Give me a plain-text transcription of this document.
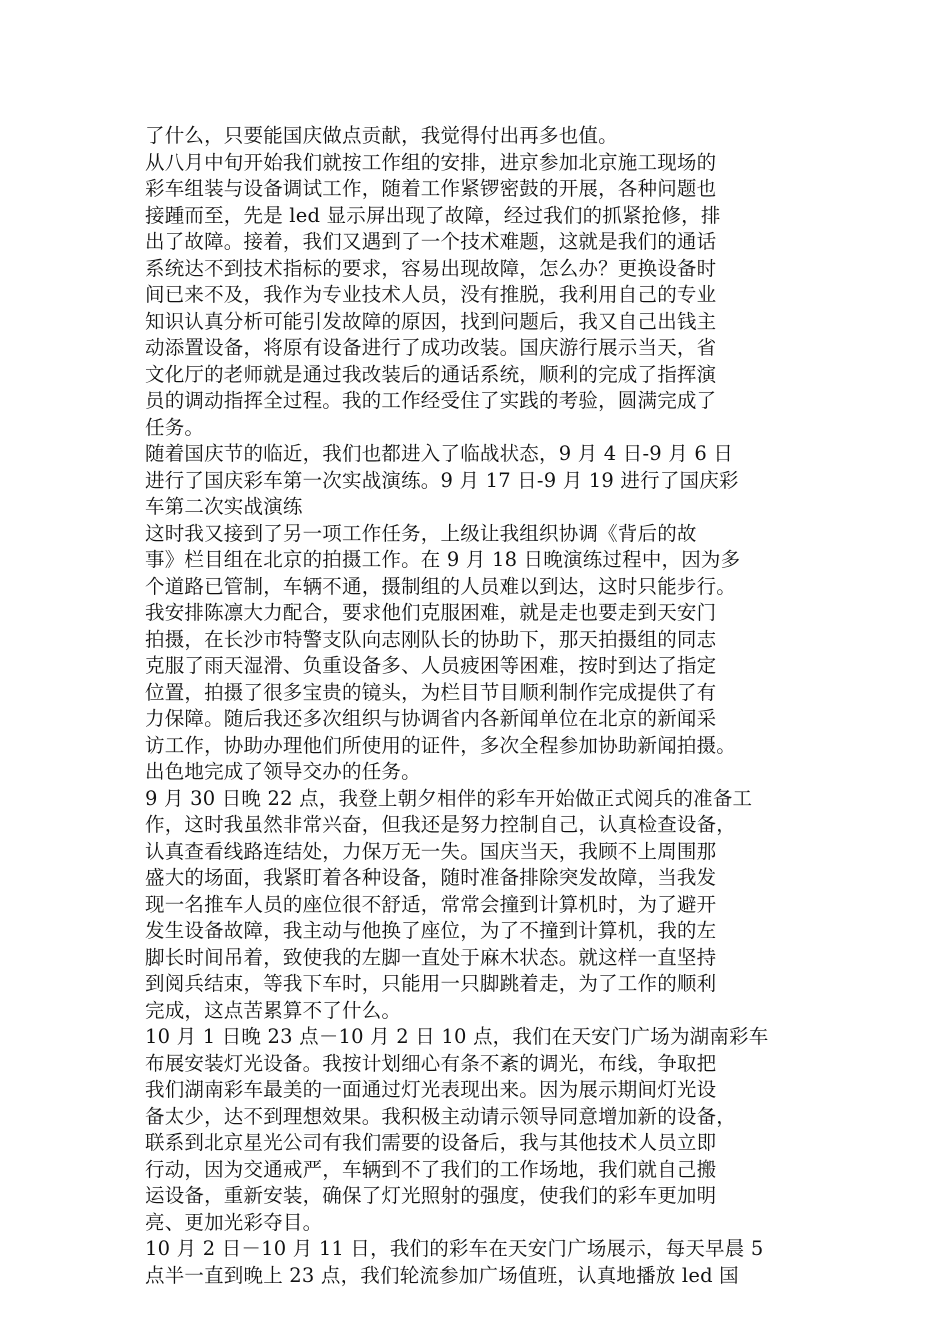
了什么，只要能国庆做点贡献，我觉得付出再多也值。
从八月中旬开始我们就按工作组的安排，进京参加北京施工现场的
彩车组装与设备调试工作，随着工作紧锣密鼓的开展，各种问题也
接踵而至，先是 led 显示屏出现了故障，经过我们的抓紧抢修，排
出了故障。接着，我们又遇到了一个技术难题，这就是我们的通话
系统达不到技术指标的要求，容易出现故障，怎么办？更换设备时
间已来不及，我作为专业技术人员，没有推脱，我利用自己的专业
知识认真分析可能引发故障的原因，找到问题后，我又自己出钱主
动添置设备，将原有设备进行了成功改装。国庆游行展示当天，省
文化厅的老师就是通过我改装后的通话系统，顺利的完成了指挥演
员的调动指挥全过程。我的工作经受住了实践的考验，圆满完成了
任务。
随着国庆节的临近，我们也都进入了临战状态，9 月 4 日-9 月 6 日
进行了国庆彩车第一次实战演练。9 月 17 日-9 月 19 进行了国庆彩
车第二次实战演练
这时我又接到了另一项工作任务，上级让我组织协调《背后的故
事》栏目组在北京的拍摄工作。在 9 月 18 日晚演练过程中，因为多
个道路已管制，车辆不通，摄制组的人员难以到达，这时只能步行。
我安排陈凛大力配合，要求他们克服困难，就是走也要走到天安门
拍摄，在长沙市特警支队向志刚队长的协助下，那天拍摄组的同志
克服了雨天湿滑、负重设备多、人员疲困等困难，按时到达了指定
位置，拍摄了很多宝贵的镜头，为栏目节目顺利制作完成提供了有
力保障。随后我还多次组织与协调省内各新闻单位在北京的新闻采
访工作，协助办理他们所使用的证件，多次全程参加协助新闻拍摄。
出色地完成了领导交办的任务。
9 月 30 日晚 22 点，我登上朝夕相伴的彩车开始做正式阅兵的准备工
作，这时我虽然非常兴奋，但我还是努力控制自己，认真检查设备，
认真查看线路连结处，力保万无一失。国庆当天，我顾不上周围那
盛大的场面，我紧盯着各种设备，随时准备排除突发故障，当我发
现一名推车人员的座位很不舒适，常常会撞到计算机时，为了避开
发生设备故障，我主动与他换了座位，为了不撞到计算机，我的左
脚长时间吊着，致使我的左脚一直处于麻木状态。就这样一直坚持
到阅兵结束，等我下车时，只能用一只脚跳着走，为了工作的顺利
完成，这点苦累算不了什么。
10 月 1 日晚 23 点－10 月 2 日 10 点，我们在天安门广场为湖南彩车
布展安装灯光设备。我按计划细心有条不紊的调光，布线，争取把
我们湖南彩车最美的一面通过灯光表现出来。因为展示期间灯光设
备太少，达不到理想效果。我积极主动请示领导同意增加新的设备，
联系到北京星光公司有我们需要的设备后，我与其他技术人员立即
行动，因为交通戒严，车辆到不了我们的工作场地，我们就自己搬
运设备，重新安装，确保了灯光照射的强度，使我们的彩车更加明
亮、更加光彩夺目。
10 月 2 日－10 月 11 日，我们的彩车在天安门广场展示，每天早晨 5
点半一直到晚上 23 点，我们轮流参加广场值班，认真地播放 led 国
